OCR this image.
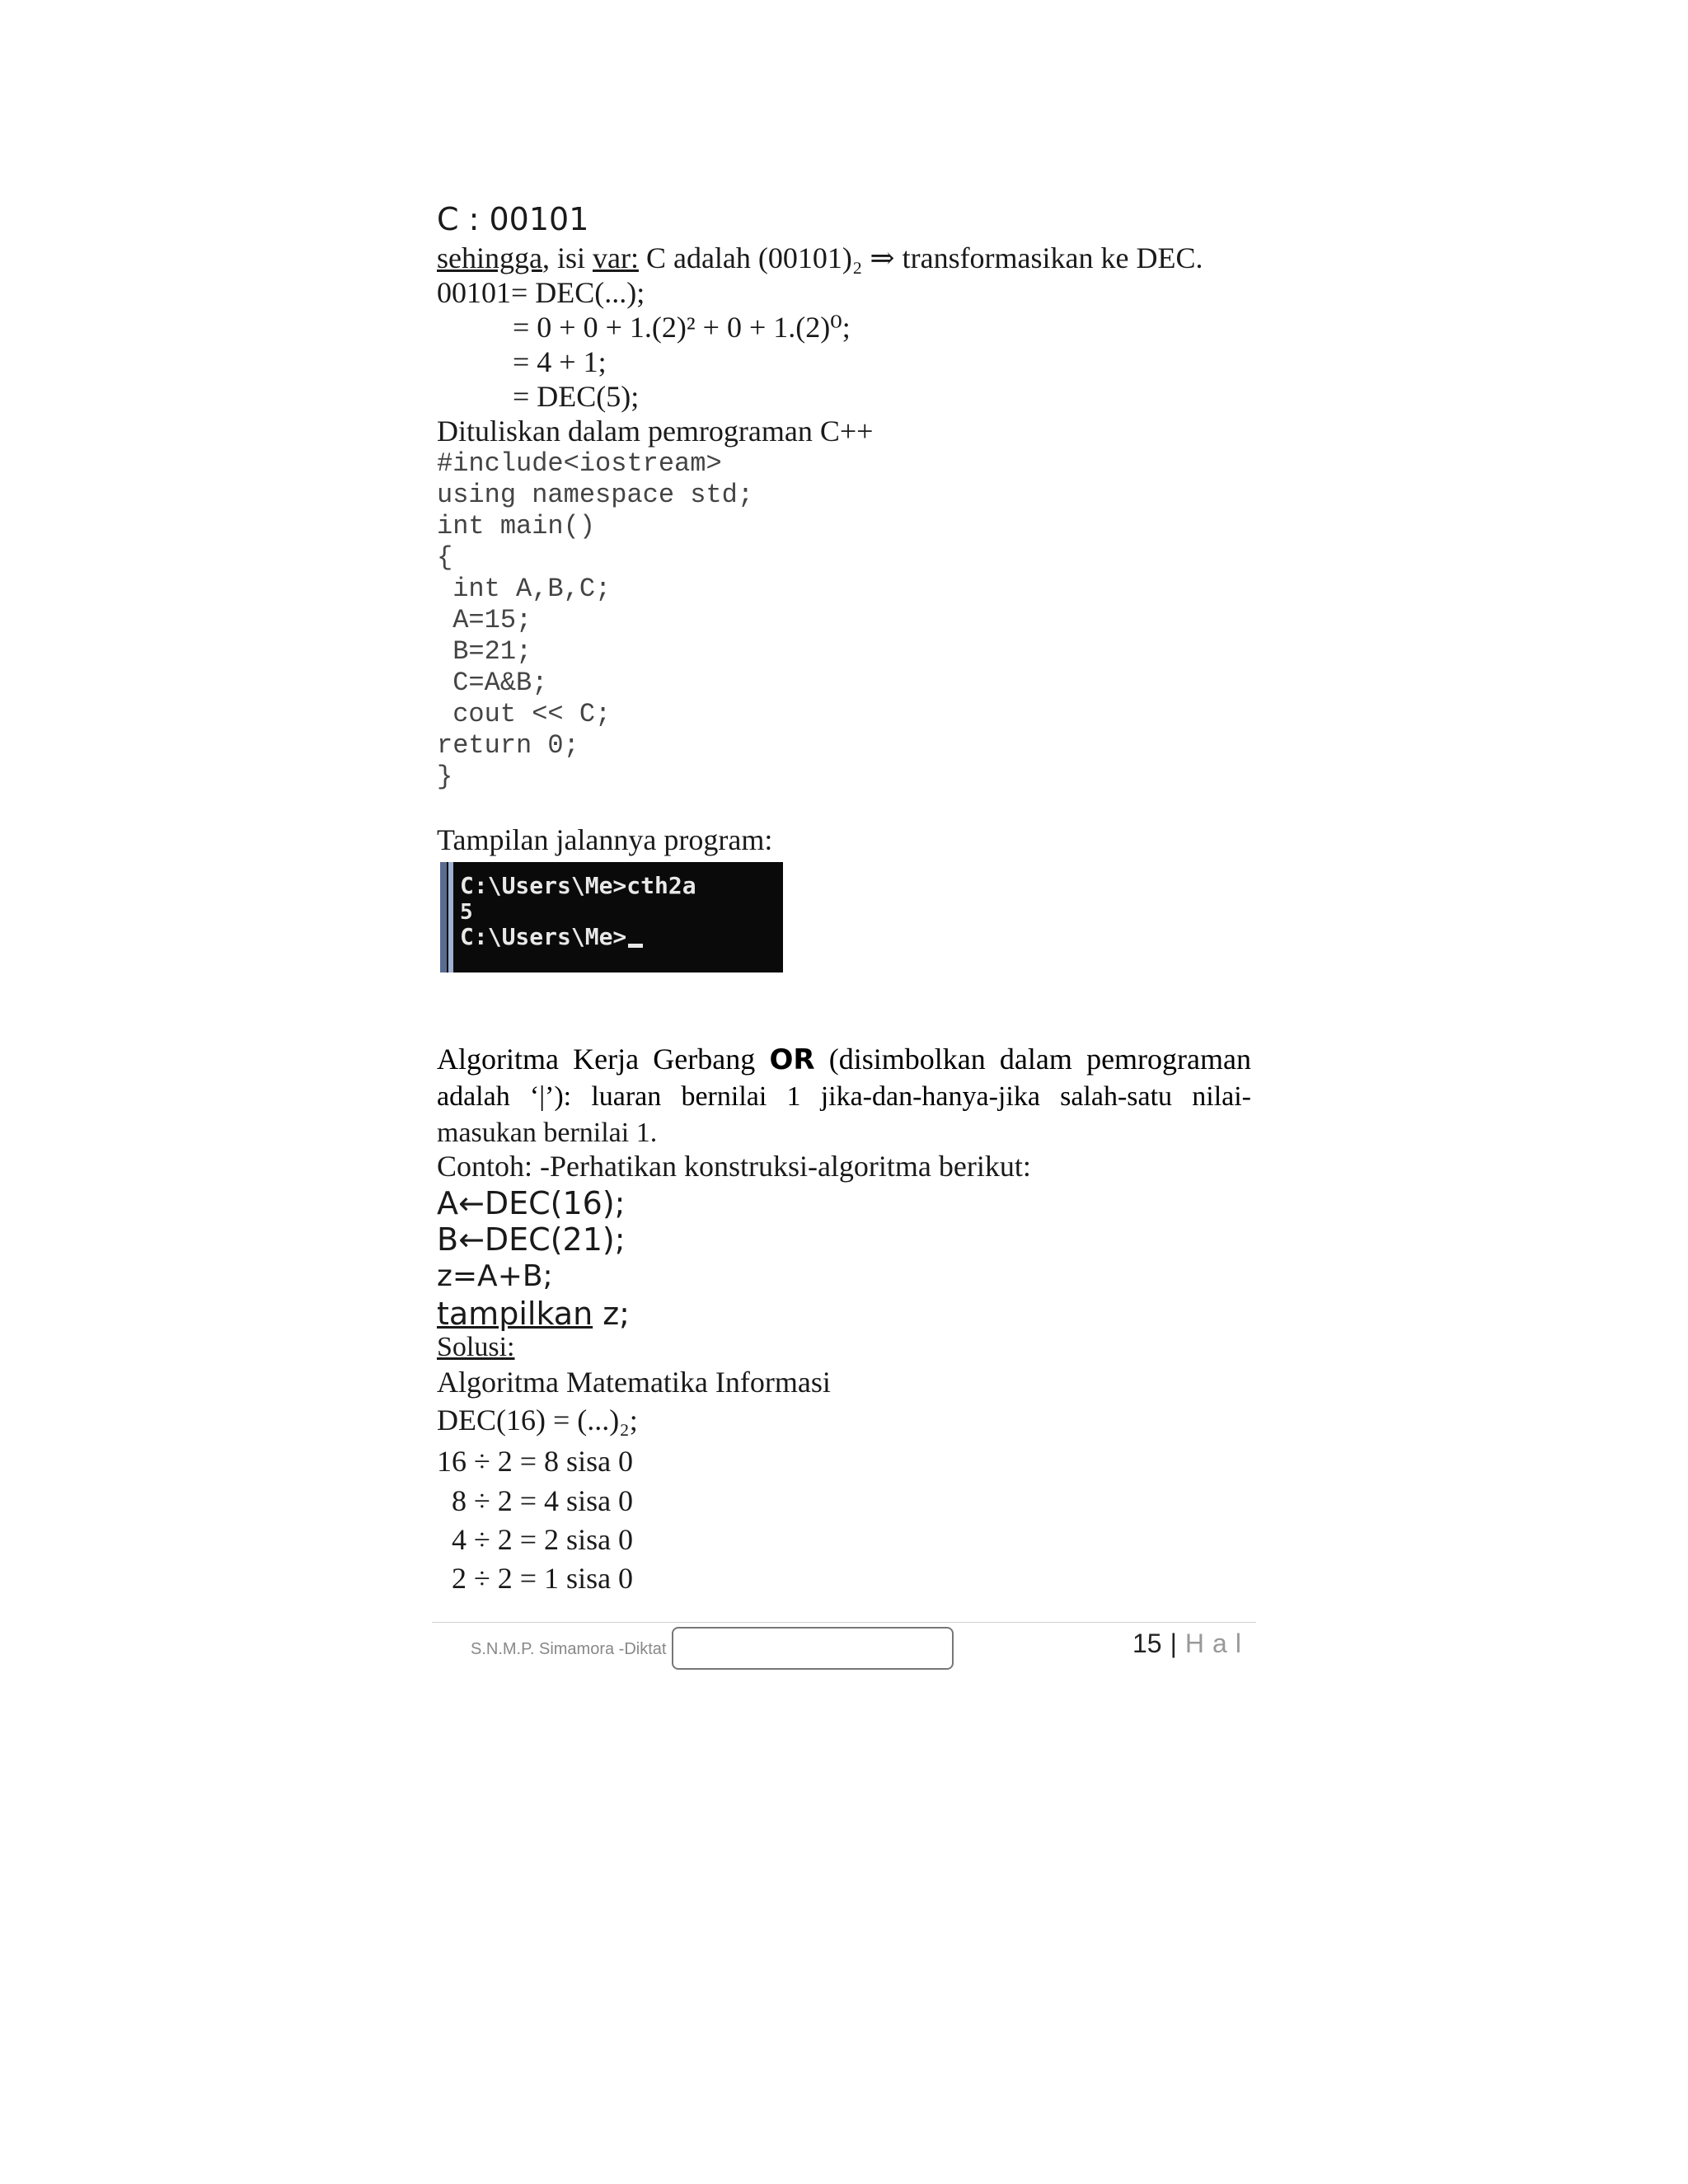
C : 00101
sehingga, isi var: C adalah (00101)₂ ⇒ transformasikan ke DEC.
00101= DEC(...);
= 0 + 0 + 1.(2)² + 0 + 1.(2)⁰;
= 4 + 1;
= DEC(5);
Dituliskan dalam pemrograman C++
#include<iostream>
using namespace std;
int main()
{
int A,B,C;
A=15;
B=21;
C=A&B;
cout << C;
return 0;
}
Tampilan jalannya program:
C:\Users\Me>cth2a
5
C:\Users\Me>
Algoritma Kerja Gerbang OR (disimbolkan dalam pemrograman
adalah ‘|’): luaran bernilai 1 jika-dan-hanya-jika salah-satu nilai-
masukan bernilai 1.
Contoh: -Perhatikan konstruksi-algoritma berikut:
A←DEC(16);
B←DEC(21);
z=A+B;
tampilkan z;
Solusi:
Algoritma Matematika Informasi
DEC(16) = (...)₂;
16 ÷ 2 = 8 sisa 0
8 ÷ 2 = 4 sisa 0
4 ÷ 2 = 2 sisa 0
2 ÷ 2 = 1 sisa 0
S.N.M.P. Simamora -Diktat	15 | Hal
